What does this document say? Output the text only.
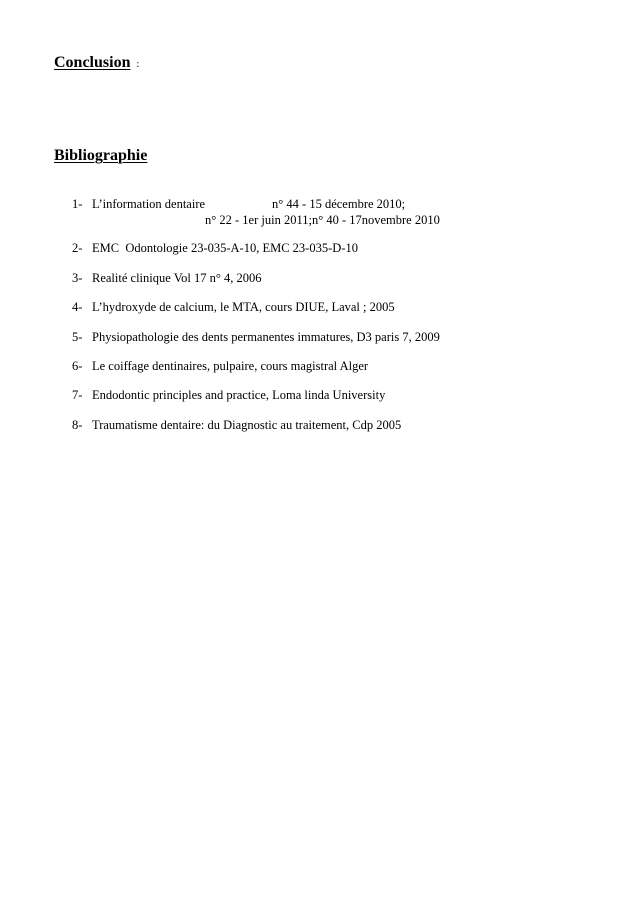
Conclusion :
Bibliographie
1- L’information dentaire	n° 44 - 15 décembre 2010;
n° 22 - 1er juin 2011;n° 40 - 17novembre 2010
2- EMC  Odontologie 23-035-A-10, EMC 23-035-D-10
3- Realité clinique Vol 17 n° 4, 2006
4- L’hydroxyde de calcium, le MTA, cours DIUE, Laval ; 2005
5- Physiopathologie des dents permanentes immatures, D3 paris 7, 2009
6- Le coiffage dentinaires, pulpaire, cours magistral Alger
7- Endodontic principles and practice, Loma linda University
8- Traumatisme dentaire: du Diagnostic au traitement, Cdp 2005
